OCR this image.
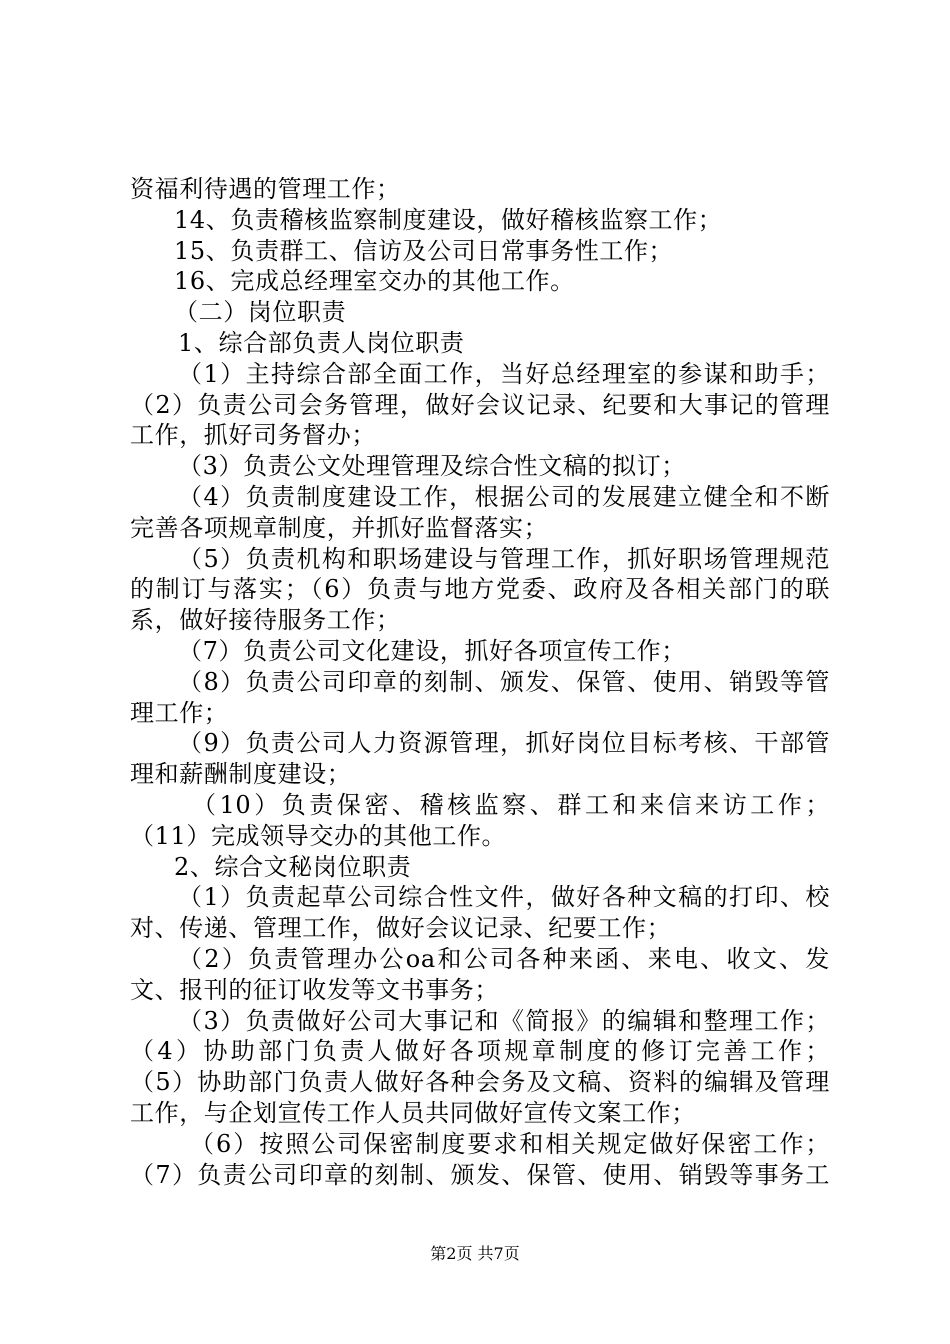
资福利待遇的管理工作；
14、负责稽核监察制度建设，做好稽核监察工作；
15、负责群工、信访及公司日常事务性工作；
16、完成总经理室交办的其他工作。
（二）岗位职责
1、综合部负责人岗位职责
（1）主持综合部全面工作，当好总经理室的参谋和助手；
（2）负责公司会务管理，做好会议记录、纪要和大事记的管理
工作，抓好司务督办；
（3）负责公文处理管理及综合性文稿的拟订；
（4）负责制度建设工作，根据公司的发展建立健全和不断
完善各项规章制度，并抓好监督落实；
（5）负责机构和职场建设与管理工作，抓好职场管理规范
的制订与落实；（6）负责与地方党委、政府及各相关部门的联
系，做好接待服务工作；
（7）负责公司文化建设，抓好各项宣传工作；
（8）负责公司印章的刻制、颁发、保管、使用、销毁等管
理工作；
（9）负责公司人力资源管理，抓好岗位目标考核、干部管
理和薪酬制度建设；
（10）负责保密、稽核监察、群工和来信来访工作；
（11）完成领导交办的其他工作。
2、综合文秘岗位职责
（1）负责起草公司综合性文件，做好各种文稿的打印、校
对、传递、管理工作，做好会议记录、纪要工作；
（2）负责管理办公oa和公司各种来函、来电、收文、发
文、报刊的征订收发等文书事务；
（3）负责做好公司大事记和《简报》的编辑和整理工作；
（4）协助部门负责人做好各项规章制度的修订完善工作；
（5）协助部门负责人做好各种会务及文稿、资料的编辑及管理
工作，与企划宣传工作人员共同做好宣传文案工作；
（6）按照公司保密制度要求和相关规定做好保密工作；
（7）负责公司印章的刻制、颁发、保管、使用、销毁等事务工
第2页 共7页
